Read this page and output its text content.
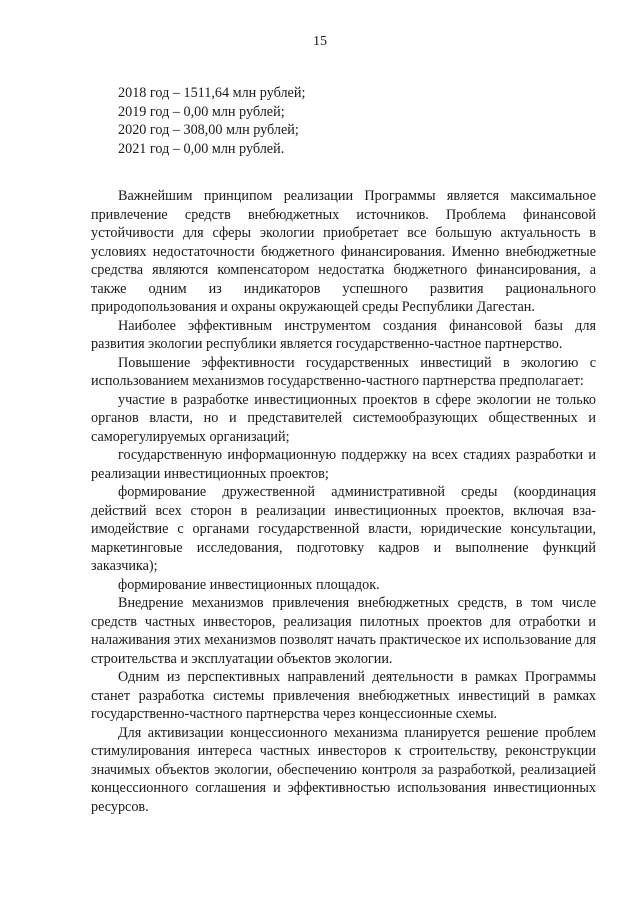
15
2018 год – 1511,64 млн рублей;
2019 год – 0,00 млн рублей;
2020 год – 308,00 млн рублей;
2021 год – 0,00 млн рублей.

Важнейшим принципом реализации Программы является максимальное привлечение средств внебюджетных источников. Проблема финансовой устойчивости для сферы экологии приобретает все большую актуальность в условиях недостаточности бюджетного финансирования. Именно внебюджетные средства являются компенсатором недостатка бюджетного финансирования, а также одним из индикаторов успешного развития рационального природопользования и охраны окружающей среды Республики Дагестан.

Наиболее эффективным инструментом создания финансовой базы для развития экологии республики является государственно-частное партнерство.

Повышение эффективности государственных инвестиций в экологию с использованием механизмов государственно-частного партнерства предполагает:

участие в разработке инвестиционных проектов в сфере экологии не только органов власти, но и представителей системообразующих общественных и саморегулируемых организаций;

государственную информационную поддержку на всех стадиях разработки и реализации инвестиционных проектов;

формирование дружественной административной среды (координация действий всех сторон в реализации инвестиционных проектов, включая взаимодействие с органами государственной власти, юридические консультации, маркетинговые исследования, подготовку кадров и выполнение функций заказчика);

формирование инвестиционных площадок.

Внедрение механизмов привлечения внебюджетных средств, в том числе средств частных инвесторов, реализация пилотных проектов для отработки и налаживания этих механизмов позволят начать практическое их использование для строительства и эксплуатации объектов экологии.

Одним из перспективных направлений деятельности в рамках Программы станет разработка системы привлечения внебюджетных инвестиций в рамках государственно-частного партнерства через концессионные схемы.

Для активизации концессионного механизма планируется решение проблем стимулирования интереса частных инвесторов к строительству, реконструкции значимых объектов экологии, обеспечению контроля за разработкой, реализацией концессионного соглашения и эффективностью использования инвестиционных ресурсов.
